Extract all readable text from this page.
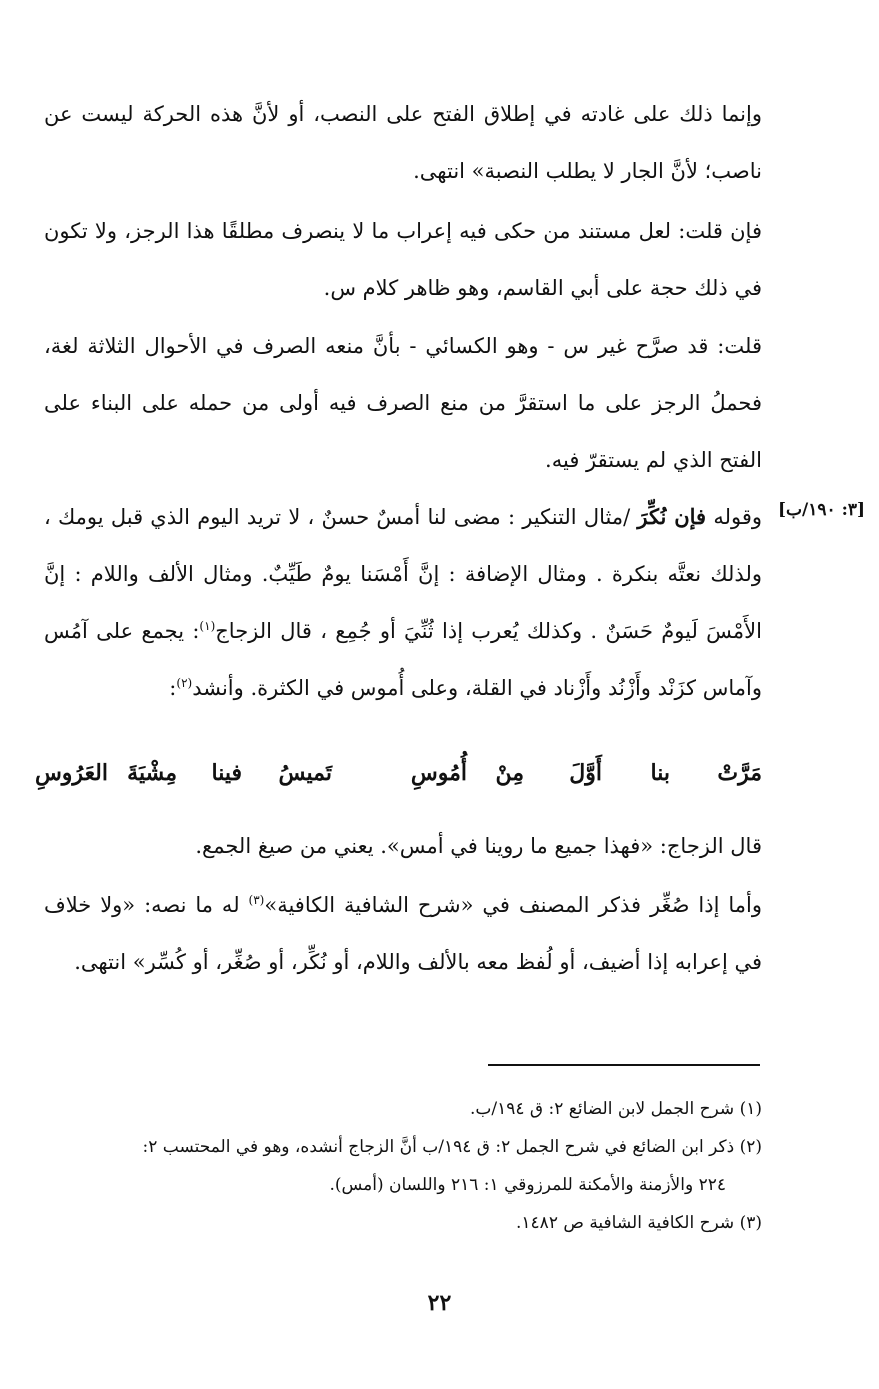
وإنما ذلك على غادته في إطلاق الفتح على النصب، أو لأنَّ هذه الحركة ليست عن ناصب؛ لأنَّ الجار لا يطلب النصبة» انتهى.

فإن قلت: لعل مستند من حكى فيه إعراب ما لا ينصرف مطلقًا هذا الرجز، ولا تكون في ذلك حجة على أبي القاسم، وهو ظاهر كلام س.

قلت: قد صرَّح غير س - وهو الكسائي - بأنَّ منعه الصرف في الأحوال الثلاثة لغة، فحملُ الرجز على ما استقرَّ من منع الصرف فيه أولى من حمله على البناء على الفتح الذي لم يستقرّ فيه.

[٣: ١٩٠/ب]

وقوله فإن نُكِّرَ /مثال التنكير : مضى لنا أمسٌ حسنٌ ، لا تريد اليوم الذي قبل يومك ، ولذلك نعتَّه بنكرة . ومثال الإضافة : إنَّ أَمْسَنا يومٌ طَيِّبٌ. ومثال الألف واللام : إنَّ الأَمْسَ لَيومٌ حَسَنٌ . وكذلك يُعرب إذا ثُنِّيَ أو جُمِع ، قال الزجاج$^{(١)}$: يجمع على آمُس وآماس كزَنْد وأَزْنُد وأَزْناد في القلة، وعلى أُموس في الكثرة. وأنشد$^{(٢)}$:

مَرَّتْ
بنا
أَوَّلَ
مِنْ
أُمُوسِ
تَميسُ
فينا
مِشْيَةَ
العَرُوسِ

قال الزجاج: «فهذا جميع ما روينا في أمس». يعني من صيغ الجمع.

وأما إذا صُغِّر فذكر المصنف في «شرح الشافية الكافية»$^{(٣)}$ له ما نصه: «ولا خلاف في إعرابه إذا أضيف، أو لُفظ معه بالألف واللام، أو نُكِّر، أو صُغِّر، أو كُسِّر» انتهى.

(١) شرح الجمل لابن الضائع ٢: ق ١٩٤/ب.

(٢) ذكر ابن الضائع في شرح الجمل ٢: ق ١٩٤/ب أنَّ الزجاج أنشده، وهو في المحتسب ٢:

٢٢٤ والأزمنة والأمكنة للمرزوقي ١: ٢١٦ واللسان (أمس).

(٣) شرح الكافية الشافية ص ١٤٨٢.

٢٢
